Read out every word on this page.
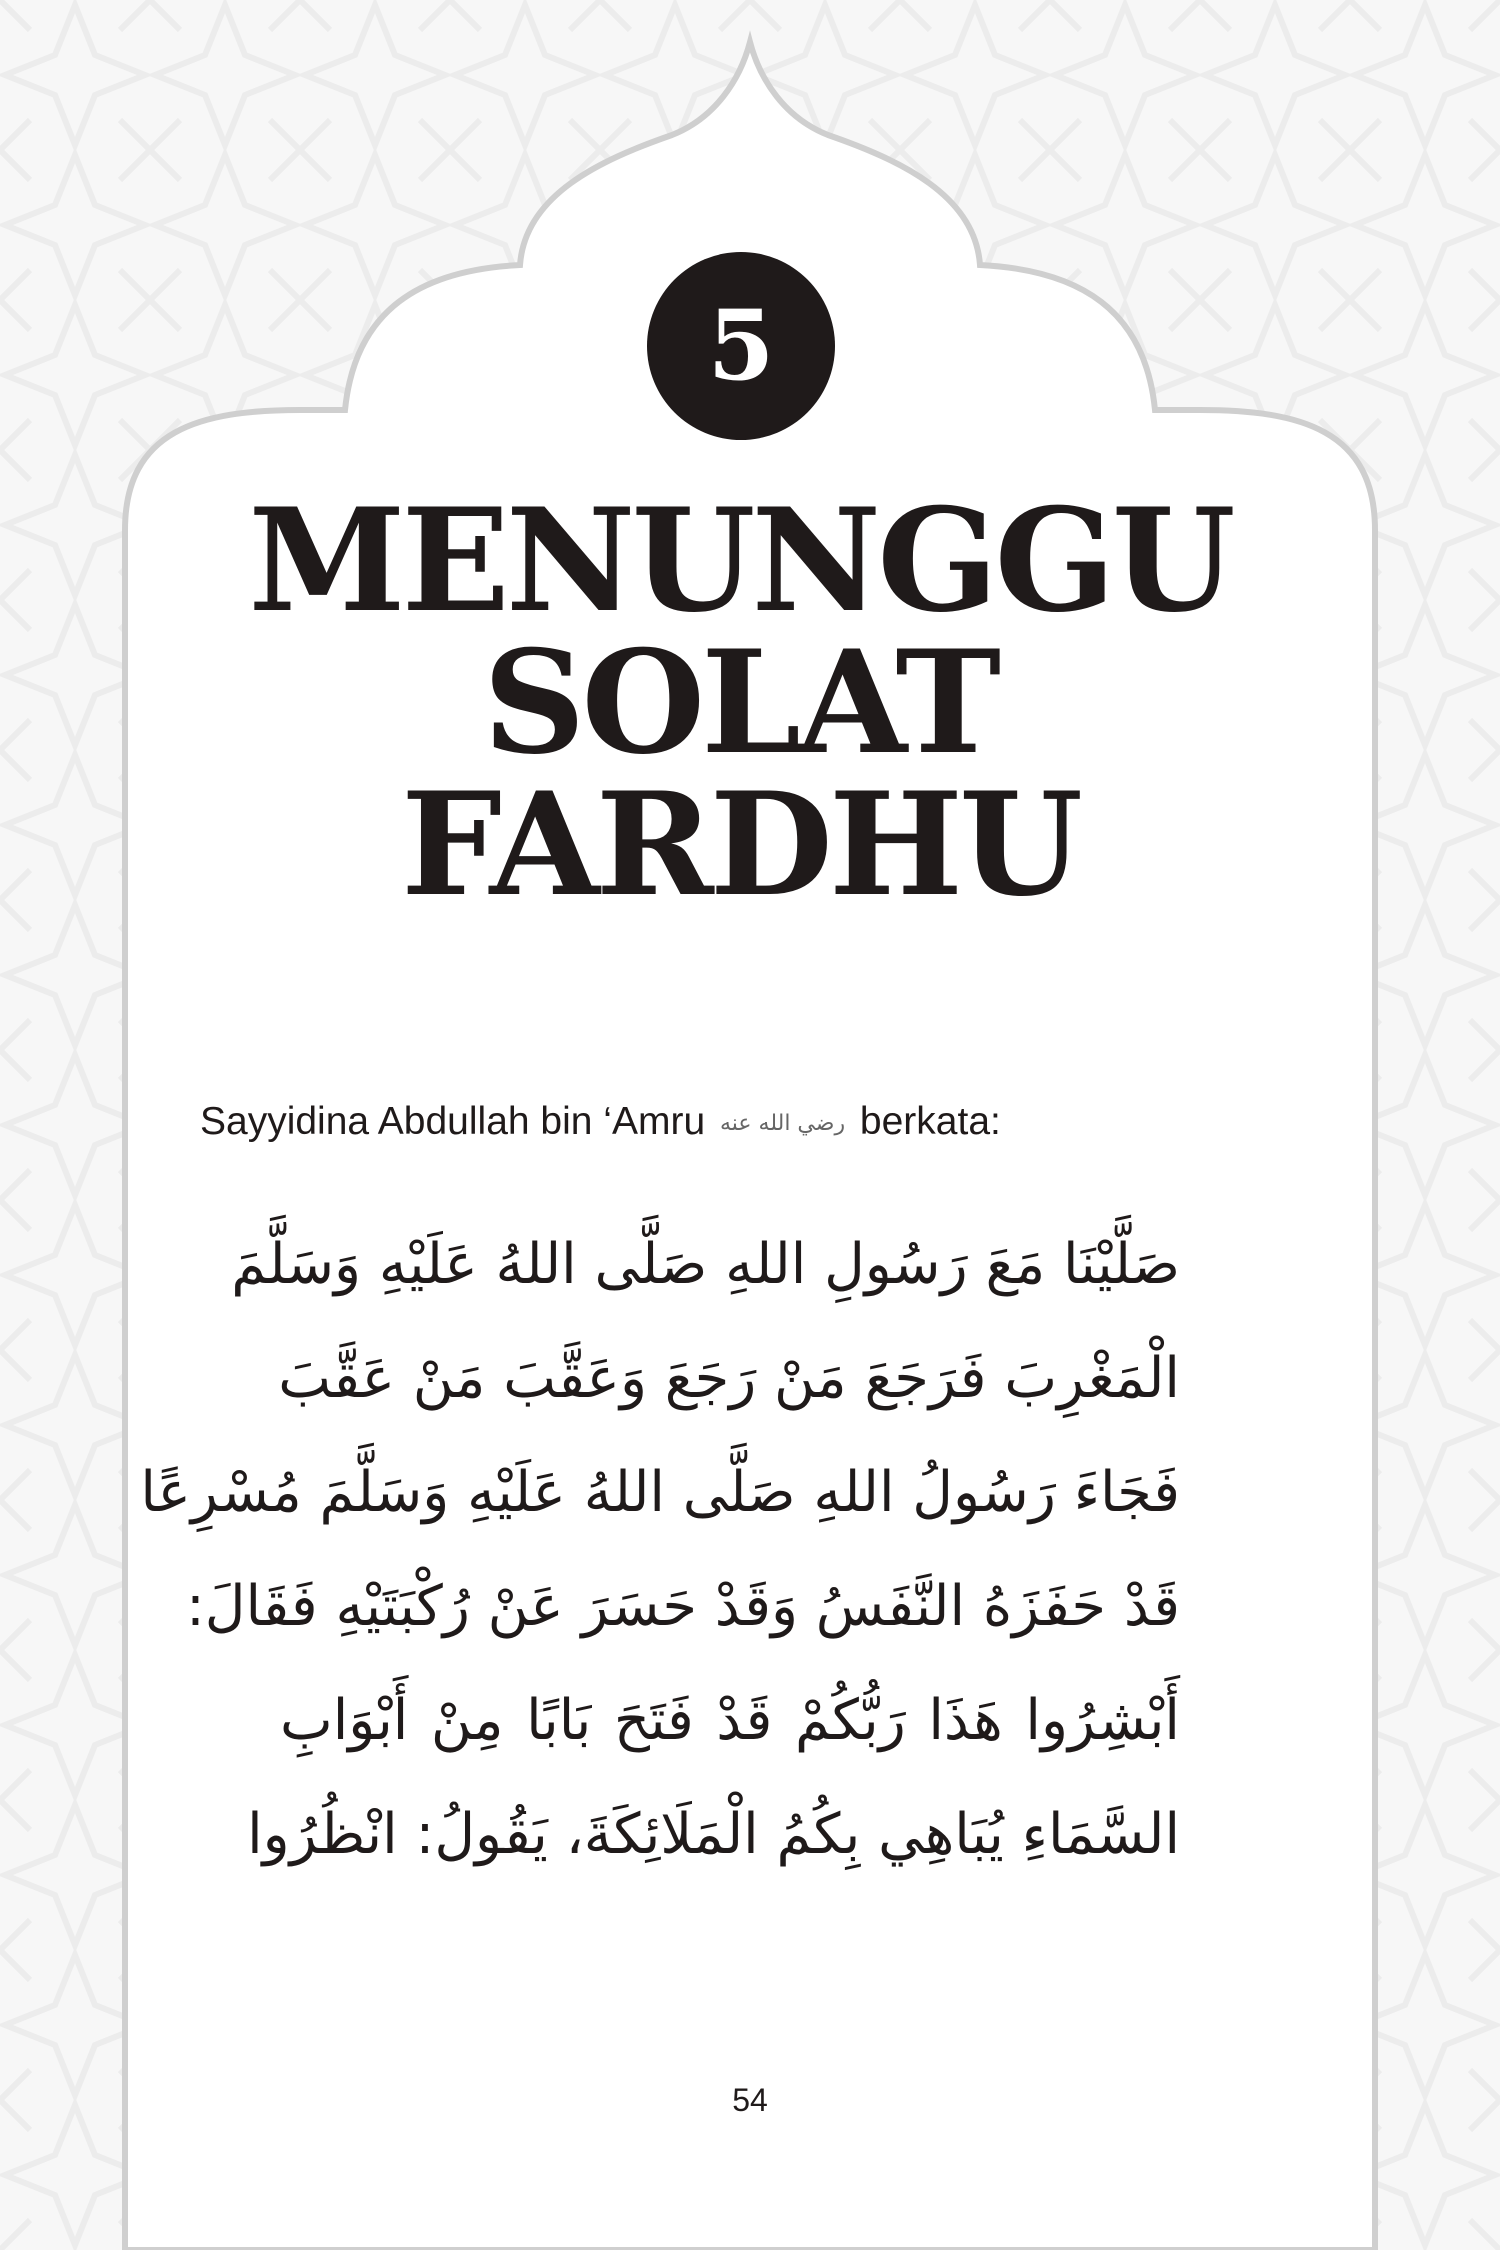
5
MENUNGGU
SOLAT
FARDHU
Sayyidina Abdullah bin ‘Amru رضي الله عنه berkata:
صَلَّيْنَا مَعَ رَسُولِ اللهِ صَلَّى اللهُ عَلَيْهِ وَسَلَّمَ
الْمَغْرِبَ فَرَجَعَ مَنْ رَجَعَ وَعَقَّبَ مَنْ عَقَّبَ
فَجَاءَ رَسُولُ اللهِ صَلَّى اللهُ عَلَيْهِ وَسَلَّمَ مُسْرِعًا
قَدْ حَفَزَهُ النَّفَسُ وَقَدْ حَسَرَ عَنْ رُكْبَتَيْهِ فَقَالَ:
أَبْشِرُوا هَذَا رَبُّكُمْ قَدْ فَتَحَ بَابًا مِنْ أَبْوَابِ
السَّمَاءِ يُبَاهِي بِكُمُ الْمَلَائِكَةَ، يَقُولُ: انْظُرُوا
54
